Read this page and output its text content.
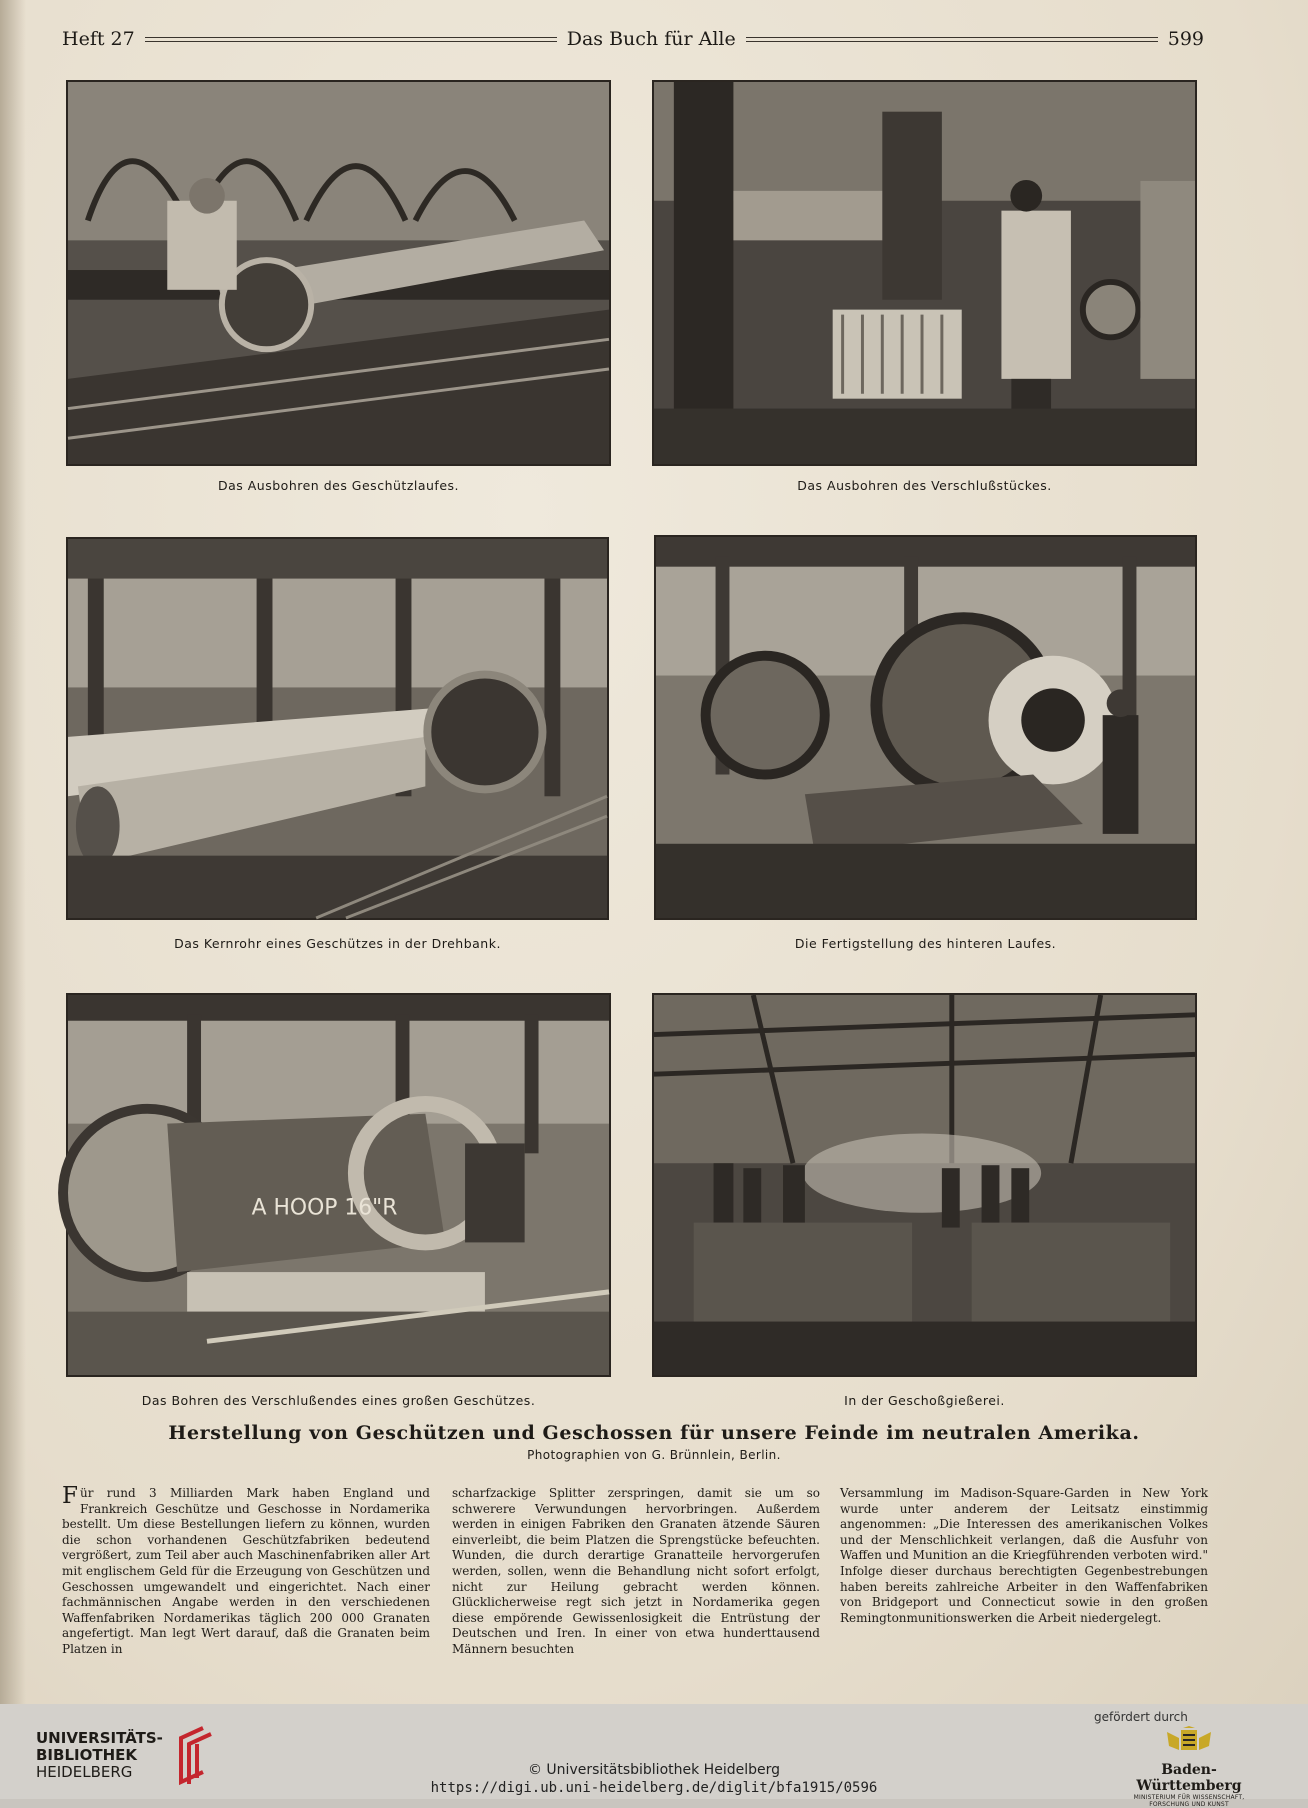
Heft 27	Das Buch für Alle	599
Das Ausbohren des Geschützlaufes.	Das Ausbohren des Verschlußstückes.
Das Kernrohr eines Geschützes in der Drehbank.	Die Fertigstellung des hinteren Laufes.
A HOOP 16"R
Das Bohren des Verschlußendes eines großen Geschützes.	In der Geschoßgießerei.
Herstellung von Geschützen und Geschossen für unsere Feinde im neutralen Amerika.
Photographien von G. Brünnlein, Berlin.

Für rund 3 Milliarden Mark haben England und Frankreich Geschütze und Geschosse in Nordamerika bestellt. Um diese Bestellungen liefern zu können, wurden die schon vorhandenen Geschützfabriken bedeutend vergrößert, zum Teil aber auch Maschinenfabriken aller Art mit englischem Geld für die Erzeugung von Geschützen und Geschossen umgewandelt und eingerichtet. Nach einer fachmännischen Angabe werden in den verschiedenen Waffenfabriken Nordamerikas täglich 200 000 Granaten angefertigt. Man legt Wert darauf, daß die Granaten beim Platzen in

scharfzackige Splitter zerspringen, damit sie um so schwerere Verwundungen hervorbringen. Außerdem werden in einigen Fabriken den Granaten ätzende Säuren einverleibt, die beim Platzen die Sprengstücke befeuchten. Wunden, die durch derartige Granatteile hervorgerufen werden, sollen, wenn die Behandlung nicht sofort erfolgt, nicht zur Heilung gebracht werden können. Glücklicherweise regt sich jetzt in Nordamerika gegen diese empörende Gewissenlosigkeit die Entrüstung der Deutschen und Iren. In einer von etwa hunderttausend Männern besuchten

Versammlung im Madison-Square-Garden in New York wurde unter anderem der Leitsatz einstimmig angenommen: „Die Interessen des amerikanischen Volkes und der Menschlichkeit verlangen, daß die Ausfuhr von Waffen und Munition an die Kriegführenden verboten wird." Infolge dieser durchaus berechtigten Gegenbestrebungen haben bereits zahlreiche Arbeiter in den Waffenfabriken von Bridgeport und Connecticut sowie in den großen Remingtonmunitionswerken die Arbeit niedergelegt.

UNIVERSITÄTS-
BIBLIOTHEK
HEIDELBERG
gefördert durch
Baden-Württemberg
MINISTERIUM FÜR WISSENSCHAFT, FORSCHUNG UND KUNST
© Universitätsbibliothek Heidelberg
https://digi.ub.uni-heidelberg.de/diglit/bfa1915/0596
